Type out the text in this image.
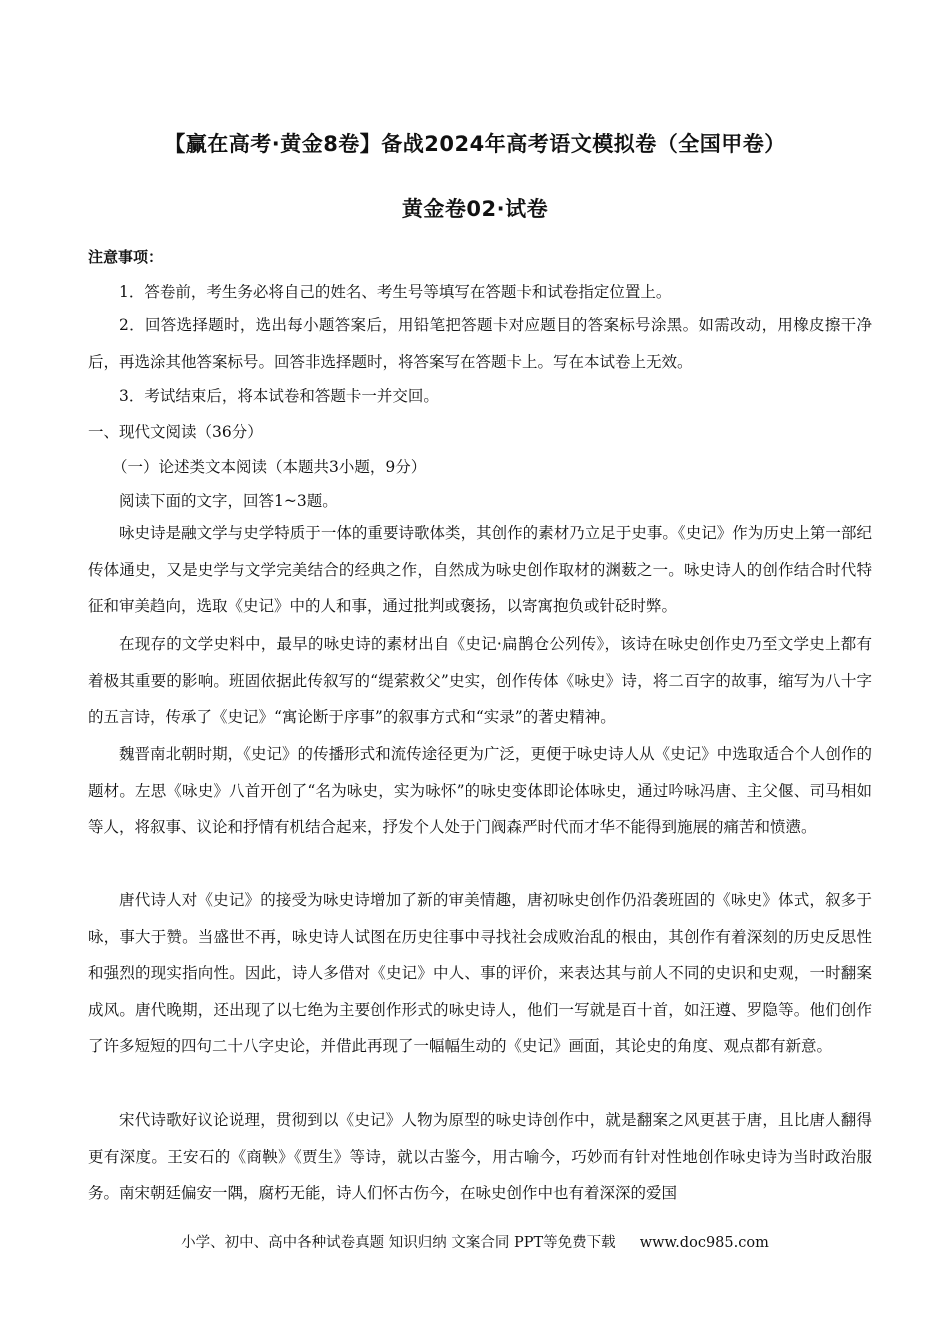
【赢在高考·黄金8卷】备战2024年高考语文模拟卷（全国甲卷）
黄金卷02·试卷
注意事项：
1．答卷前，考生务必将自己的姓名、考生号等填写在答题卡和试卷指定位置上。

2．回答选择题时，选出每小题答案后，用铅笔把答题卡对应题目的答案标号涂黑。如需改动，用橡皮擦干净后，再选涂其他答案标号。回答非选择题时，将答案写在答题卡上。写在本试卷上无效。

3．考试结束后，将本试卷和答题卡一并交回。
一、现代文阅读（36分）
（一）论述类文本阅读（本题共3小题，9分）
阅读下面的文字，回答1~3题。

咏史诗是融文学与史学特质于一体的重要诗歌体类，其创作的素材乃立足于史事。《史记》作为历史上第一部纪传体通史，又是史学与文学完美结合的经典之作，自然成为咏史创作取材的渊薮之一。咏史诗人的创作结合时代特征和审美趋向，选取《史记》中的人和事，通过批判或褒扬，以寄寓抱负或针砭时弊。

在现存的文学史料中，最早的咏史诗的素材出自《史记·扁鹊仓公列传》，该诗在咏史创作史乃至文学史上都有着极其重要的影响。班固依据此传叙写的“缇萦救父”史实，创作传体《咏史》诗，将二百字的故事，缩写为八十字的五言诗，传承了《史记》“寓论断于序事”的叙事方式和“实录”的著史精神。

魏晋南北朝时期，《史记》的传播形式和流传途径更为广泛，更便于咏史诗人从《史记》中选取适合个人创作的题材。左思《咏史》八首开创了“名为咏史，实为咏怀”的咏史变体即论体咏史，通过吟咏冯唐、主父偃、司马相如等人，将叙事、议论和抒情有机结合起来，抒发个人处于门阀森严时代而才华不能得到施展的痛苦和愤懑。

唐代诗人对《史记》的接受为咏史诗增加了新的审美情趣，唐初咏史创作仍沿袭班固的《咏史》体式，叙多于咏，事大于赞。当盛世不再，咏史诗人试图在历史往事中寻找社会成败治乱的根由，其创作有着深刻的历史反思性和强烈的现实指向性。因此，诗人多借对《史记》中人、事的评价，来表达其与前人不同的史识和史观，一时翻案成风。唐代晚期，还出现了以七绝为主要创作形式的咏史诗人，他们一写就是百十首，如汪遵、罗隐等。他们创作了许多短短的四句二十八字史论，并借此再现了一幅幅生动的《史记》画面，其论史的角度、观点都有新意。

宋代诗歌好议论说理，贯彻到以《史记》人物为原型的咏史诗创作中，就是翻案之风更甚于唐，且比唐人翻得更有深度。王安石的《商鞅》《贾生》等诗，就以古鉴今，用古喻今，巧妙而有针对性地创作咏史诗为当时政治服务。南宋朝廷偏安一隅，腐朽无能，诗人们怀古伤今，在咏史创作中也有着深深的爱国

小学、初中、高中各种试卷真题 知识归纳 文案合同 PPT等免费下载 www.doc985.com
